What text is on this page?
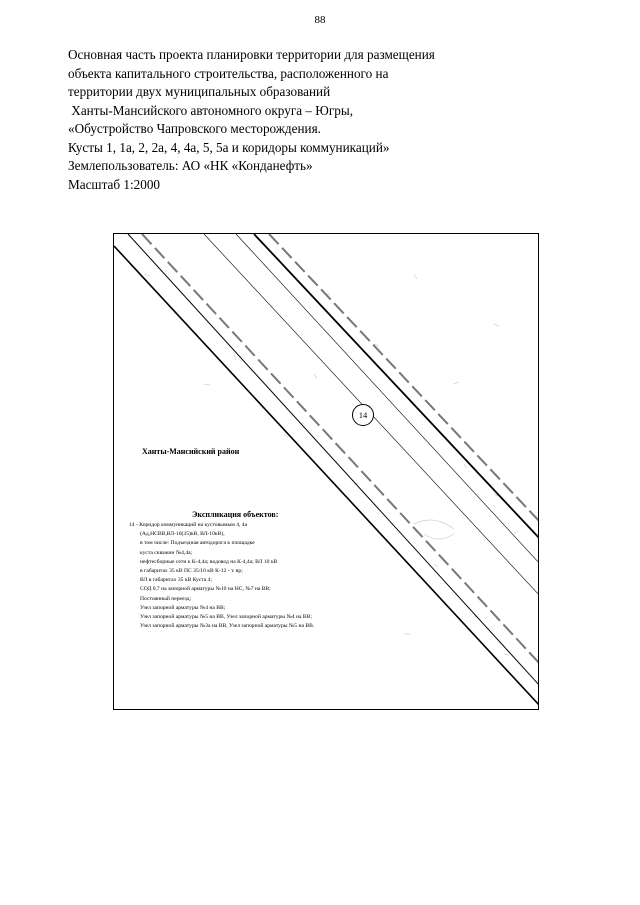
88
Основная часть проекта планировки территории для размещения
объекта капитального строительства, расположенного на
территории двух муниципальных образований
Ханты-Мансийского автономного округа – Югры,
«Обустройство Чапровского месторождения.
Кусты 1, 1а, 2, 2а, 4, 4а, 5, 5а и коридоры коммуникаций»
Землепользователь: АО «НК «Конданефть»
Масштаб 1:2000
14
Ханты-Мансийский район
Экспликация объектов:
14 - Коридор коммуникаций на кустовымым 4, 4а
(Ад,НСВВ,ВЛ-10(35)кВ, ВЛ-10кВ),
в том числе: Подъездная автодорога к площадке
куста скважин №4,4а;
нефтесборные сети к К-4,4а; водовод на К-4,4а; ВЛ 10 кВ
в габаритах 35 кВ ПС 35/10 кВ К-12 - т. вр;
ВЛ в габаритах 35 кВ Куста 4;
СОД 0,7 на запорной арматуры №10 на НС, №7 на ВВ;
Постоянный переезд;
Узел запорной арматуры №4 на ВВ;
Узел запорной арматуры №5 на ВВ, Узел запорной арматуры №4 на ВВ;
Узел запорной арматуры №3а на ВВ, Узел запорной арматуры №5 на ВВ.
